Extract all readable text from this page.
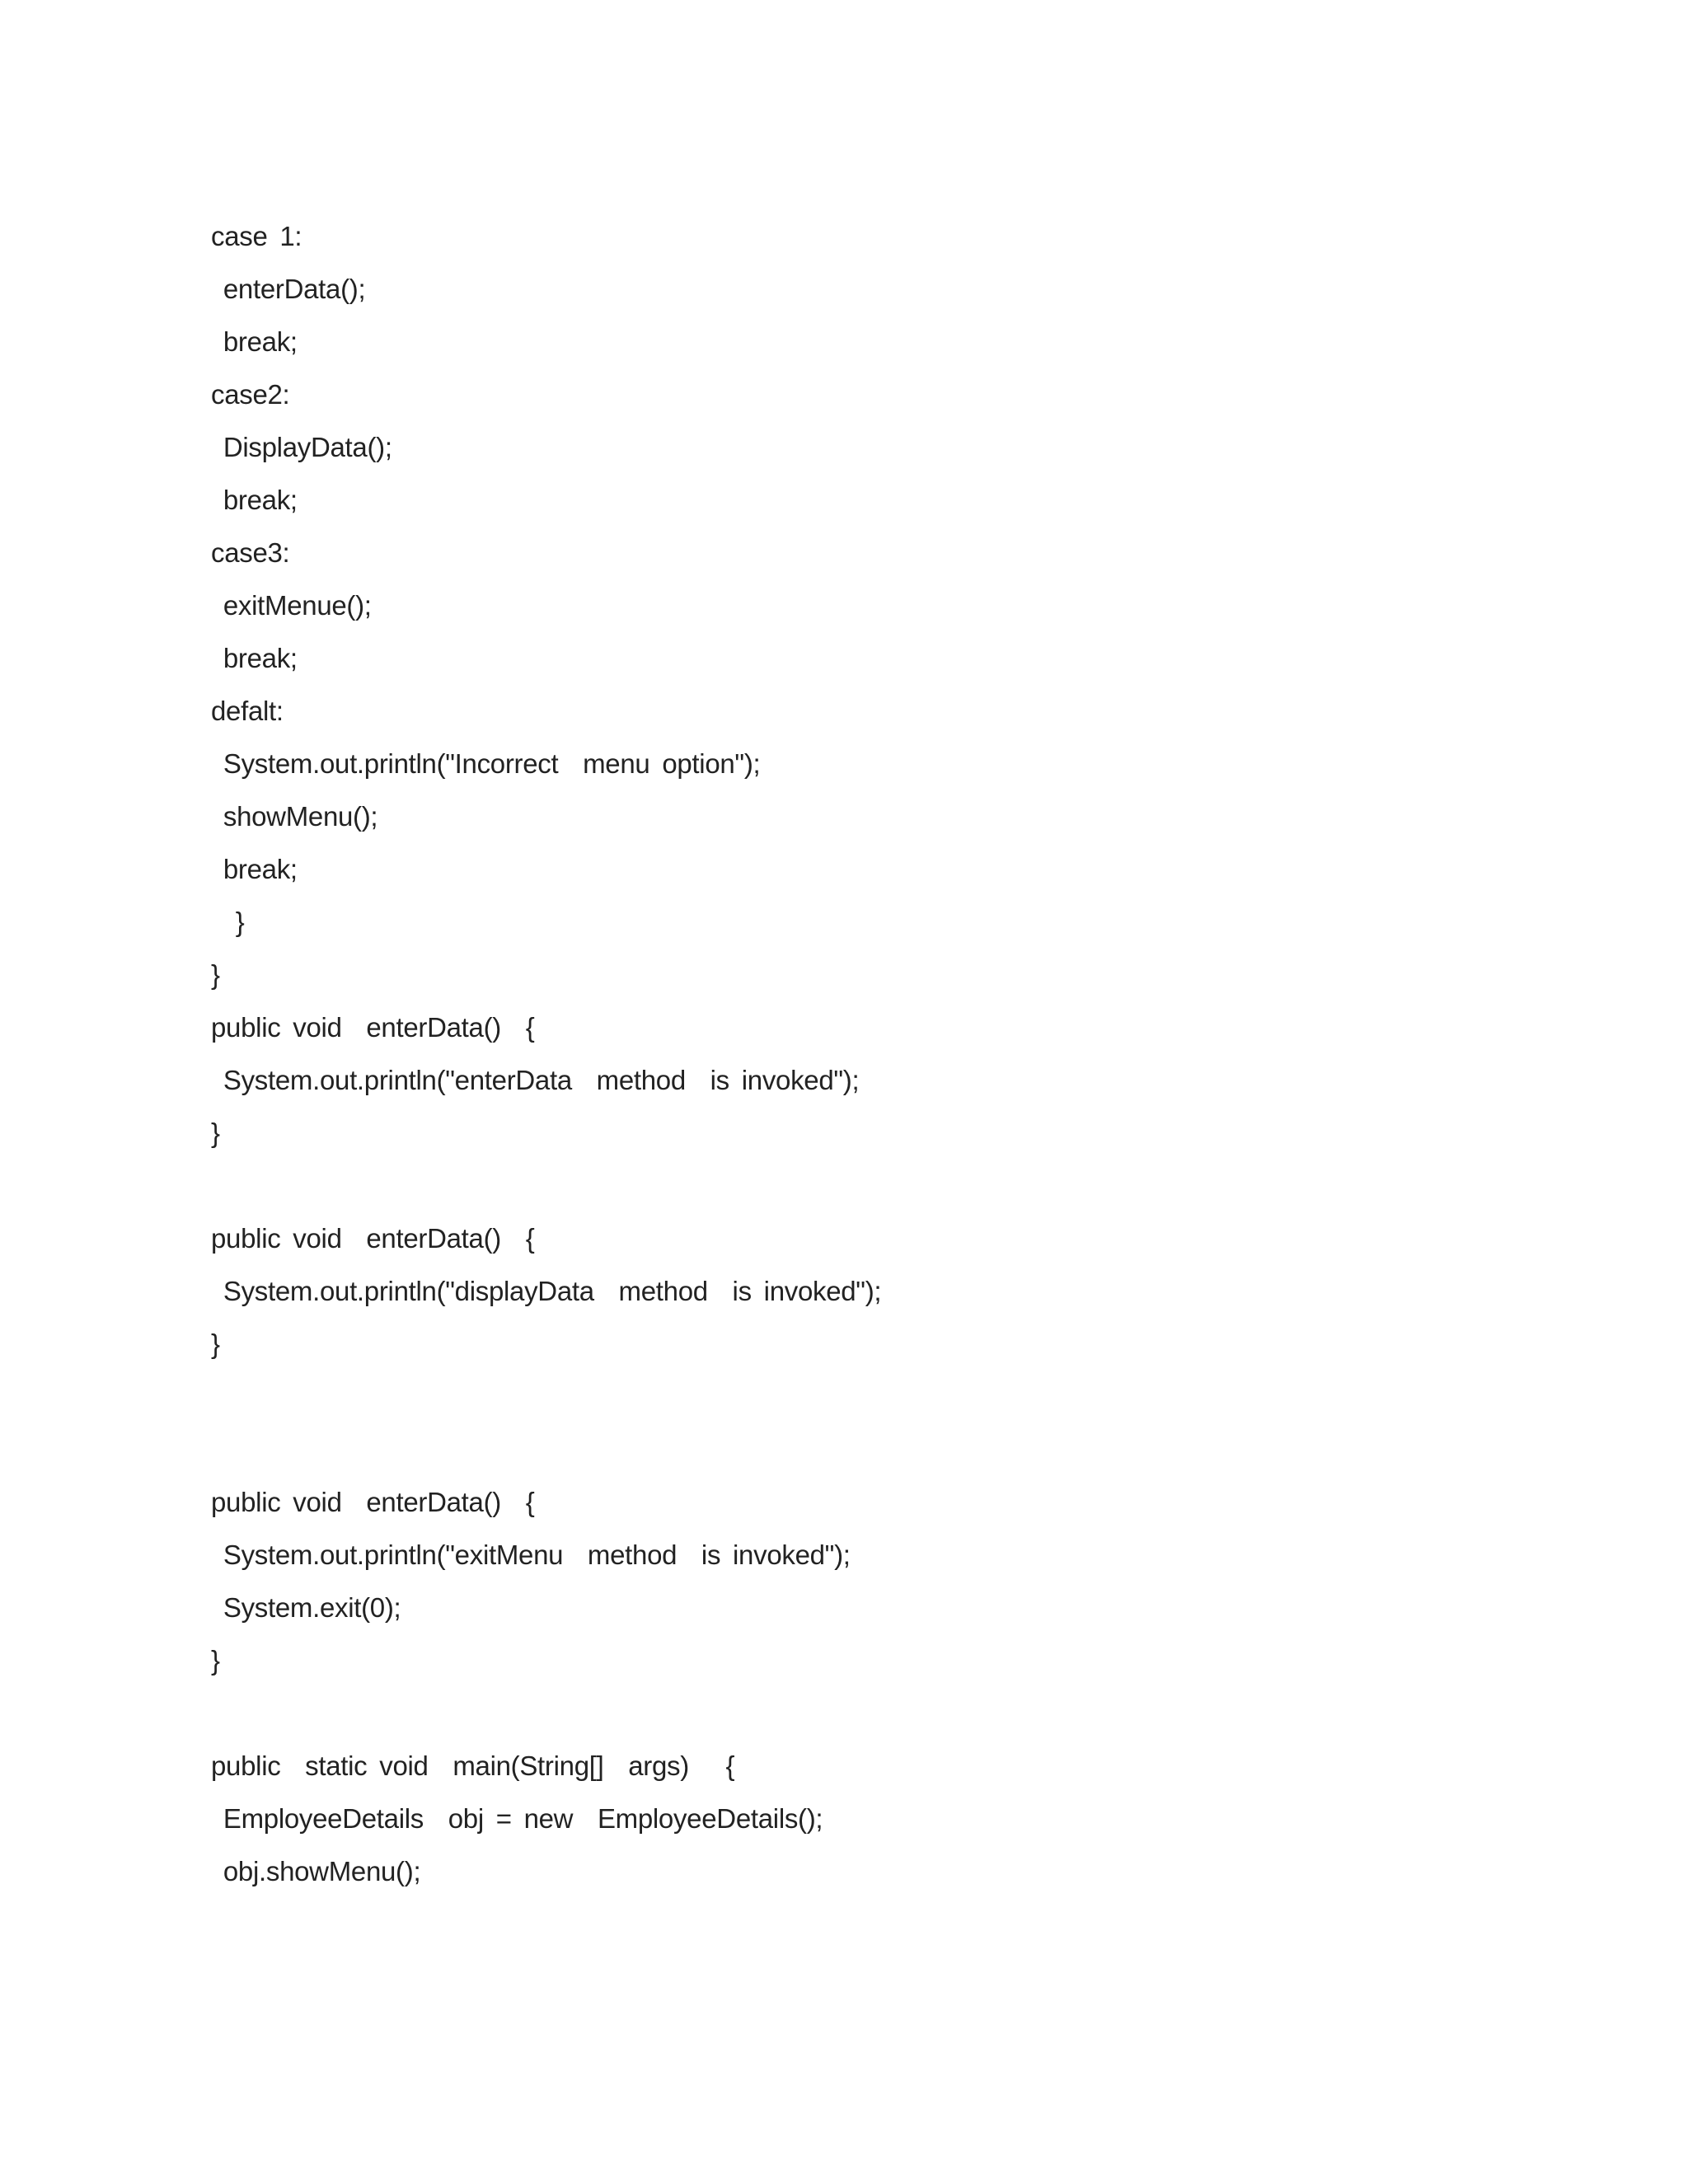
case 1:
enterData();
break;
case2:
DisplayData();
break;
case3:
exitMenue();
break;
defalt:
System.out.println("Incorrect  menu option");
showMenu();
break;
}
}
public void  enterData()  {
System.out.println("enterData  method  is invoked");
}
public void  enterData()  {
System.out.println("displayData  method  is invoked");
}
public void  enterData()  {
System.out.println("exitMenu  method  is invoked");
System.exit(0);
}
public  static void  main(String[]  args)   {
EmployeeDetails  obj = new  EmployeeDetails();
obj.showMenu();
